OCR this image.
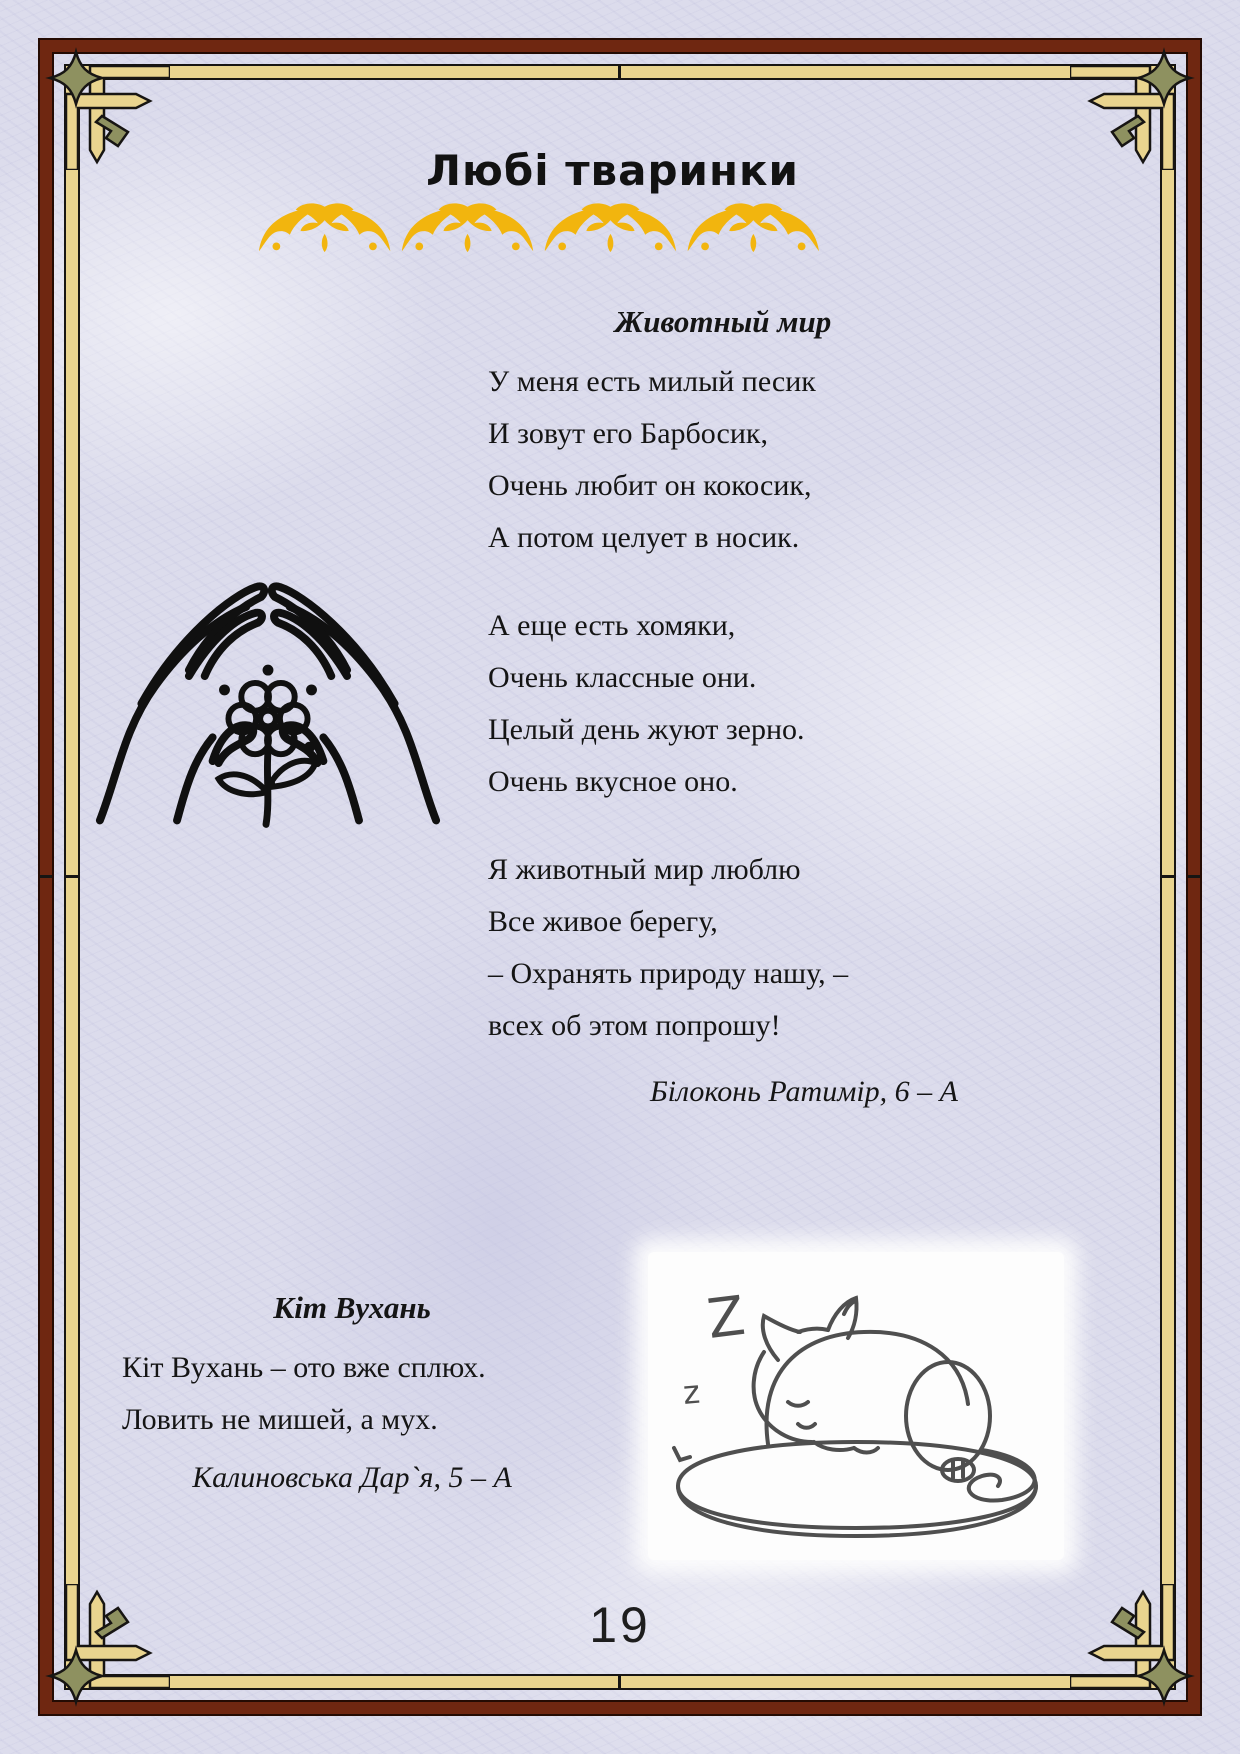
Любі тваринки
Животный мир
У меня есть милый песик
И зовут его Барбосик,
Очень любит он кокосик,
А потом целует в носик.
А еще есть хомяки,
Очень классные они.
Целый день жуют зерно.
Очень вкусное оно.
Я животный мир люблю
Все живое берегу,
– Охранять природу нашу, –
всех об этом попрошу!
Білоконь Ратимір, 6 – А
Кіт Вухань
Кіт Вухань – ото вже сплюх.
Ловить не мишей, а мух.
Калиновська Дар`я, 5 – А
Z
z
19
